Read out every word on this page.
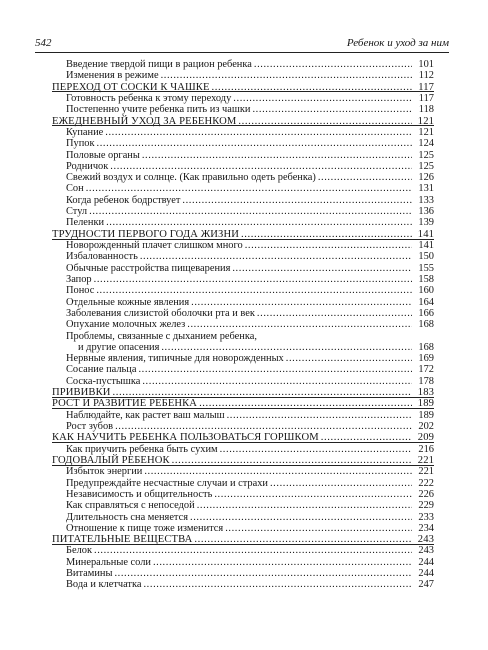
542	Ребенок и уход за ним
Введение твердой пищи в рацион ребенка .....	101
Изменения в режиме .....	112
ПЕРЕХОД ОТ СОСКИ К ЧАШКЕ .....	117
Готовность ребенка к этому переходу .....	117
Постепенно учите ребенка пить из чашки .....	118
ЕЖЕДНЕВНЫЙ УХОД ЗА РЕБЕНКОМ .....	121
Купание .....	121
Пупок .....	124
Половые органы .....	125
Родничок .....	125
Свежий воздух и солнце. (Как правильно одеть ребенка) .....	126
Сон .....	131
Когда ребенок бодрствует .....	133
Стул .....	136
Пеленки .....	139
ТРУДНОСТИ ПЕРВОГО ГОДА ЖИЗНИ .....	141
Новорожденный плачет слишком много .....	141
Избалованность .....	150
Обычные расстройства пищеварения .....	155
Запор .....	158
Понос .....	160
Отдельные кожные явления .....	164
Заболевания слизистой оболочки рта и век .....	166
Опухание молочных желез .....	168
Проблемы, связанные с дыханием ребенка,
и другие опасения .....	168
Нервные явления, типичные для новорожденных .....	169
Сосание пальца .....	172
Соска-пустышка .....	178
ПРИВИВКИ .....	183
РОСТ И РАЗВИТИЕ РЕБЕНКА .....	189
Наблюдайте, как растет ваш малыш .....	189
Рост зубов .....	202
КАК НАУЧИТЬ РЕБЕНКА ПОЛЬЗОВАТЬСЯ ГОРШКОМ .....	209
Как приучить ребенка быть сухим .....	216
ГОДОВАЛЫЙ РЕБЕНОК .....	221
Избыток энергии .....	221
Предупреждайте несчастные случаи и страхи .....	222
Независимость и общительность .....	226
Как справляться с непоседой .....	229
Длительность сна меняется .....	233
Отношение к пище тоже изменится .....	234
ПИТАТЕЛЬНЫЕ ВЕЩЕСТВА .....	243
Белок .....	243
Минеральные соли .....	244
Витамины .....	244
Вода и клетчатка .....	247
